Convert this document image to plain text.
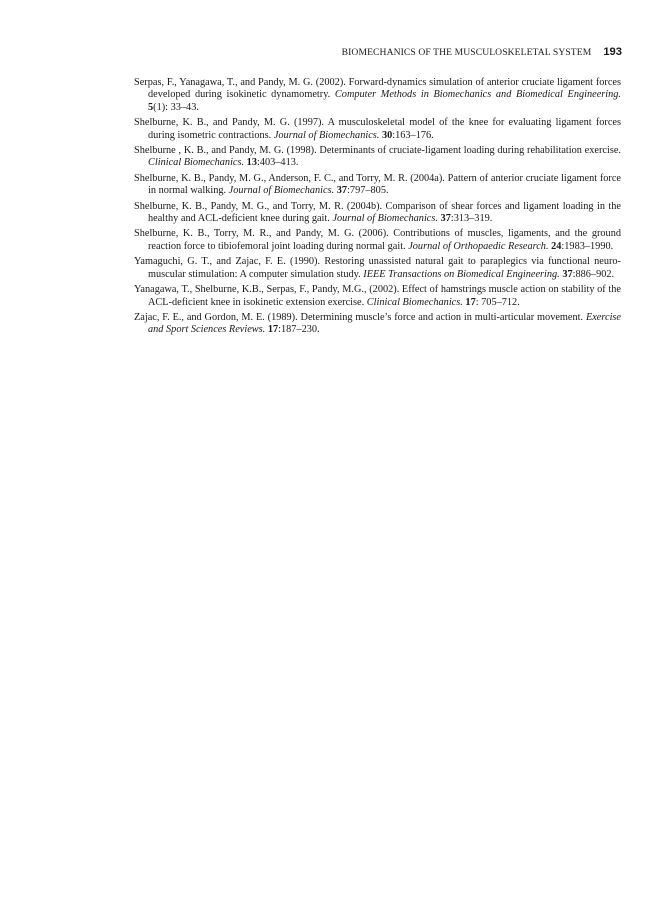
BIOMECHANICS OF THE MUSCULOSKELETAL SYSTEM 193
Serpas, F., Yanagawa, T., and Pandy, M. G. (2002). Forward-dynamics simulation of anterior cruciate ligament forces developed during isokinetic dynamometry. Computer Methods in Biomechanics and Biomedical Engineering. 5(1): 33–43.
Shelburne, K. B., and Pandy, M. G. (1997). A musculoskeletal model of the knee for evaluating ligament forces during isometric contractions. Journal of Biomechanics. 30:163–176.
Shelburne , K. B., and Pandy, M. G. (1998). Determinants of cruciate-ligament loading during rehabilitation exercise. Clinical Biomechanics. 13:403–413.
Shelburne, K. B., Pandy, M. G., Anderson, F. C., and Torry, M. R. (2004a). Pattern of anterior cruciate ligament force in normal walking. Journal of Biomechanics. 37:797–805.
Shelburne, K. B., Pandy, M. G., and Torry, M. R. (2004b). Comparison of shear forces and ligament loading in the healthy and ACL-deficient knee during gait. Journal of Biomechanics. 37:313–319.
Shelburne, K. B., Torry, M. R., and Pandy, M. G. (2006). Contributions of muscles, ligaments, and the ground reaction force to tibiofemoral joint loading during normal gait. Journal of Orthopaedic Research. 24:1983–1990.
Yamaguchi, G. T., and Zajac, F. E. (1990). Restoring unassisted natural gait to paraplegics via functional neuro-muscular stimulation: A computer simulation study. IEEE Transactions on Biomedical Engineering. 37:886–902.
Yanagawa, T., Shelburne, K.B., Serpas, F., Pandy, M.G., (2002). Effect of hamstrings muscle action on stability of the ACL-deficient knee in isokinetic extension exercise. Clinical Biomechanics. 17: 705–712.
Zajac, F. E., and Gordon, M. E. (1989). Determining muscle’s force and action in multi-articular movement. Exercise and Sport Sciences Reviews. 17:187–230.
